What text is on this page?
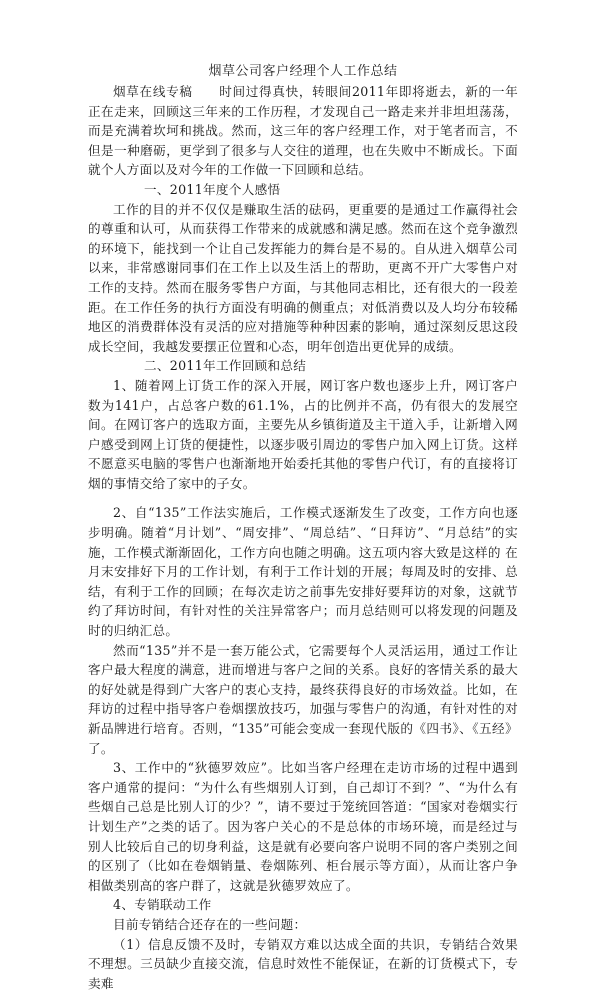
烟草公司客户经理个人工作总结

烟草在线专稿　　时间过得真快，转眼间2011年即将逝去，新的一年正在走来，回顾这三年来的工作历程，才发现自己一路走来并非坦坦荡荡，而是充满着坎坷和挑战。然而，这三年的客户经理工作，对于笔者而言，不但是一种磨砺，更学到了很多与人交往的道理，也在失败中不断成长。下面就个人方面以及对今年的工作做一下回顾和总结。

一、2011年度个人感悟

工作的目的并不仅仅是赚取生活的砝码，更重要的是通过工作赢得社会的尊重和认可，从而获得工作带来的成就感和满足感。然而在这个竞争激烈的环境下，能找到一个让自己发挥能力的舞台是不易的。自从进入烟草公司以来，非常感谢同事们在工作上以及生活上的帮助，更离不开广大零售户对工作的支持。然而在服务零售户方面，与其他同志相比，还有很大的一段差距。在工作任务的执行方面没有明确的侧重点；对低消费以及人均分布较稀地区的消费群体没有灵活的应对措施等种种因素的影响，通过深刻反思这段成长空间，我越发要摆正位置和心态，明年创造出更优异的成绩。

二、2011年工作回顾和总结

1、随着网上订货工作的深入开展，网订客户数也逐步上升，网订客户数为141户，占总客户数的61.1%，占的比例并不高，仍有很大的发展空间。在网订客户的选取方面，主要先从乡镇街道及主干道入手，让新增入网户感受到网上订货的便捷性，以逐步吸引周边的零售户加入网上订货。这样不愿意买电脑的零售户也渐渐地开始委托其他的零售户代订，有的直接将订烟的事情交给了家中的子女。

2、自“135”工作法实施后，工作模式逐渐发生了改变，工作方向也逐步明确。随着“月计划”、“周安排”、“周总结”、“日拜访”、“月总结”的实施，工作模式渐渐固化，工作方向也随之明确。这五项内容大致是这样的 在月末安排好下月的工作计划，有利于工作计划的开展；每周及时的安排、总结，有利于工作的回顾；在每次走访之前事先安排好要拜访的对象，这就节约了拜访时间，有针对性的关注异常客户；而月总结则可以将发现的问题及时的归纳汇总。

然而“135”并不是一套万能公式，它需要每个人灵活运用，通过工作让客户最大程度的满意，进而增进与客户之间的关系。良好的客情关系的最大的好处就是得到广大客户的衷心支持，最终获得良好的市场效益。比如，在拜访的过程中指导客户卷烟摆放技巧，加强与零售户的沟通，有针对性的对新品牌进行培育。否则，“135”可能会变成一套现代版的《四书》、《五经》了。

3、工作中的“狄德罗效应”。比如当客户经理在走访市场的过程中遇到客户通常的提问：“为什么有些烟别人订到，自己却订不到？”、“为什么有些烟自己总是比别人订的少？”，请不要过于笼统回答道：“国家对卷烟实行计划生产”之类的话了。因为客户关心的不是总体的市场环境，而是经过与别人比较后自己的切身利益，这是就有必要向客户说明不同的客户类别之间的区别了（比如在卷烟销量、卷烟陈列、柜台展示等方面），从而让客户争相做类别高的客户群了，这就是狄德罗效应了。

4、专销联动工作

目前专销结合还存在的一些问题：

（1）信息反馈不及时，专销双方难以达成全面的共识，专销结合效果不理想。三员缺少直接交流，信息时效性不能保证，在新的订货模式下，专卖难
